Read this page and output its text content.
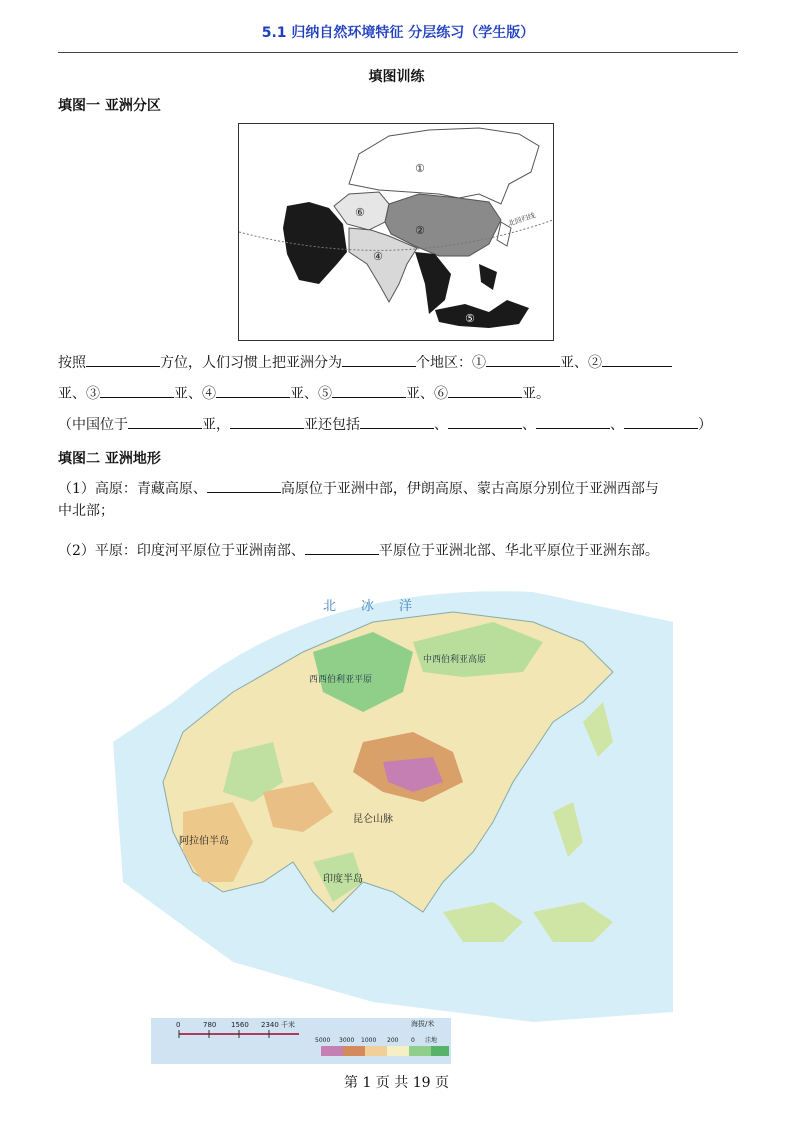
5.1 归纳自然环境特征 分层练习（学生版）
填图训练
填图一 亚洲分区
北回归线
①
②
④
⑤
⑥
按照	方位，人们习惯上把亚洲分为	个地区：①	亚、②
亚、③	亚、④	亚、⑤	亚、⑥	亚。
（中国位于	亚，	亚还包括	、	、	、	）
填图二 亚洲地形
（1）高原：青藏高原、	高原位于亚洲中部，伊朗高原、蒙古高原分别位于亚洲西部与
中北部；
（2）平原：印度河平原位于亚洲南部、	平原位于亚洲北部、华北平原位于亚洲东部。
北　冰　洋
西西伯利亚平原
中西伯利亚高原
昆仑山脉
阿拉伯半岛
印度半岛
0	780 1560 2340 千米	海拔/米
5000 3000 1000 200 0 洼地
第 1 页 共 19 页
